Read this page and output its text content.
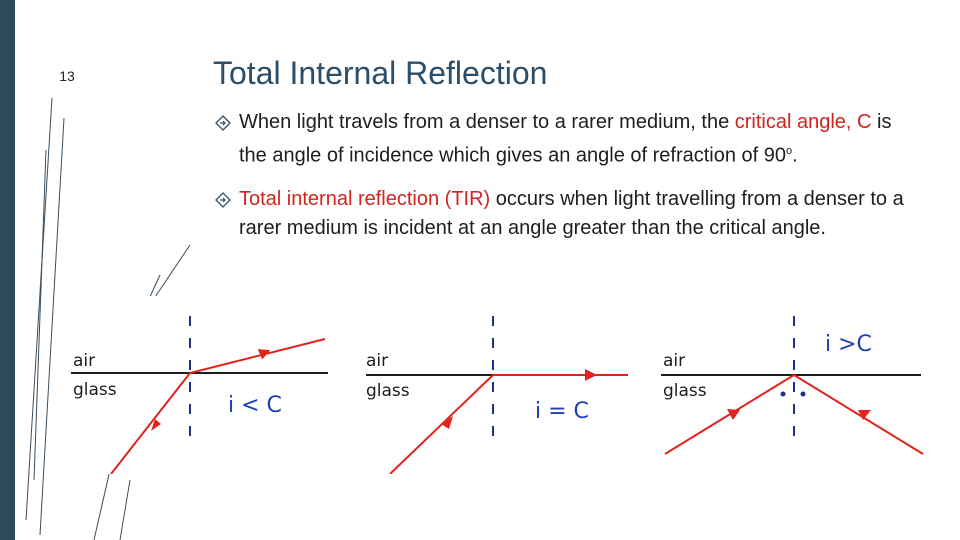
13	Total Internal Reflection
When light travels from a denser to a rarer medium, the critical angle, C is the angle of incidence which gives an angle of refraction of 90$^o$.
Total internal reflection (TIR) occurs when light travelling from a denser to a rarer medium is incident at an angle greater than the critical angle.
air
glass
i < C
air
glass
i = C
air
glass
i >C
